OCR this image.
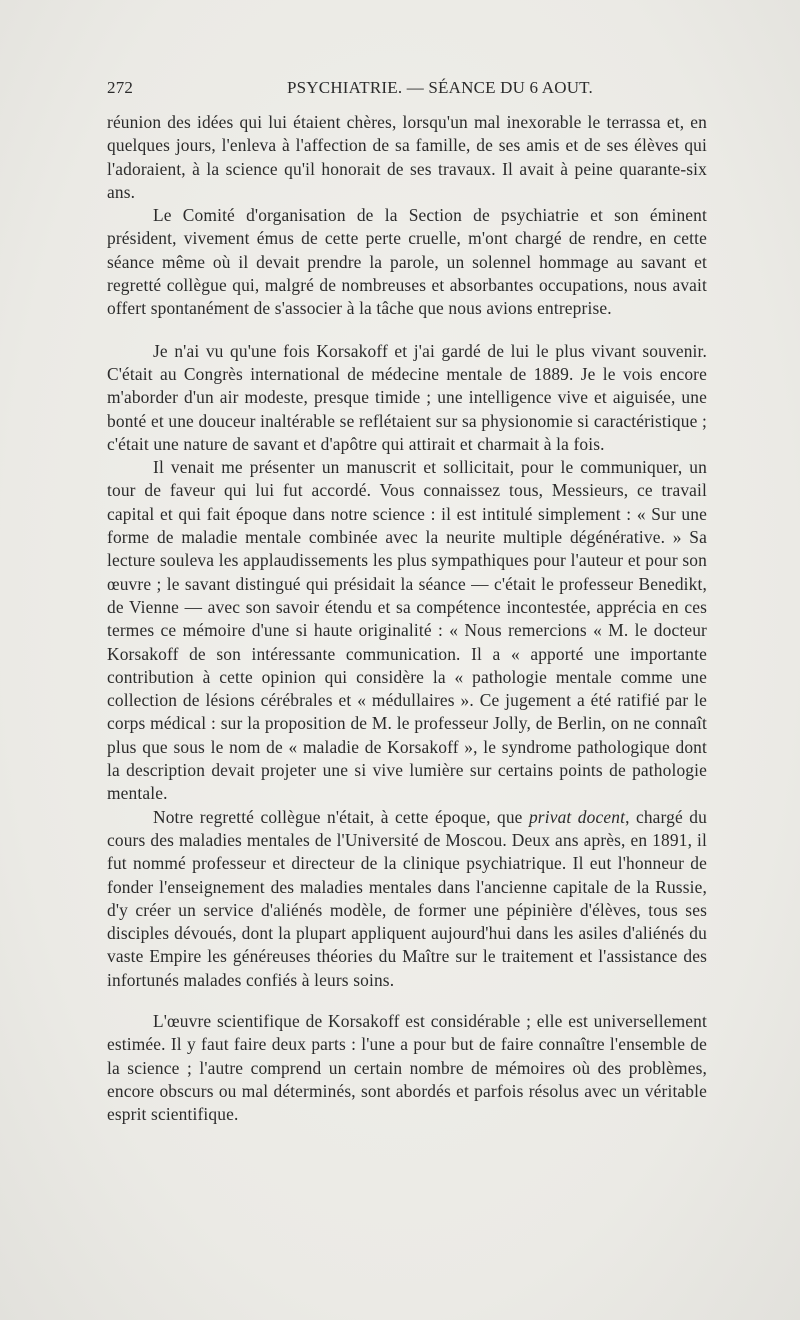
272	PSYCHIATRIE. — SÉANCE DU 6 AOUT.

réunion des idées qui lui étaient chères, lorsqu'un mal inexorable le terrassa et, en quelques jours, l'enleva à l'affection de sa famille, de ses amis et de ses élèves qui l'adoraient, à la science qu'il honorait de ses travaux. Il avait à peine quarante-six ans.

Le Comité d'organisation de la Section de psychiatrie et son éminent président, vivement émus de cette perte cruelle, m'ont chargé de rendre, en cette séance même où il devait prendre la parole, un solennel hommage au savant et regretté collègue qui, malgré de nombreuses et absorbantes occupations, nous avait offert spontanément de s'associer à la tâche que nous avions entreprise.

Je n'ai vu qu'une fois Korsakoff et j'ai gardé de lui le plus vivant souvenir. C'était au Congrès international de médecine mentale de 1889. Je le vois encore m'aborder d'un air modeste, presque timide ; une intelligence vive et aiguisée, une bonté et une douceur inaltérable se reflétaient sur sa physionomie si caractéristique ; c'était une nature de savant et d'apôtre qui attirait et charmait à la fois.

Il venait me présenter un manuscrit et sollicitait, pour le communiquer, un tour de faveur qui lui fut accordé. Vous connaissez tous, Messieurs, ce travail capital et qui fait époque dans notre science : il est intitulé simplement : « Sur une forme de maladie mentale combinée avec la neurite multiple dégénérative. » Sa lecture souleva les applaudissements les plus sympathiques pour l'auteur et pour son œuvre ; le savant distingué qui présidait la séance — c'était le professeur Benedikt, de Vienne — avec son savoir étendu et sa compétence incontestée, apprécia en ces termes ce mémoire d'une si haute originalité : « Nous remercions « M. le docteur Korsakoff de son intéressante communication. Il a « apporté une importante contribution à cette opinion qui considère la « pathologie mentale comme une collection de lésions cérébrales et « médullaires ». Ce jugement a été ratifié par le corps médical : sur la proposition de M. le professeur Jolly, de Berlin, on ne connaît plus que sous le nom de « maladie de Korsakoff », le syndrome pathologique dont la description devait projeter une si vive lumière sur certains points de pathologie mentale.

Notre regretté collègue n'était, à cette époque, que privat docent, chargé du cours des maladies mentales de l'Université de Moscou. Deux ans après, en 1891, il fut nommé professeur et directeur de la clinique psychiatrique. Il eut l'honneur de fonder l'enseignement des maladies mentales dans l'ancienne capitale de la Russie, d'y créer un service d'aliénés modèle, de former une pépinière d'élèves, tous ses disciples dévoués, dont la plupart appliquent aujourd'hui dans les asiles d'aliénés du vaste Empire les généreuses théories du Maître sur le traitement et l'assistance des infortunés malades confiés à leurs soins.

L'œuvre scientifique de Korsakoff est considérable ; elle est universellement estimée. Il y faut faire deux parts : l'une a pour but de faire connaître l'ensemble de la science ; l'autre comprend un certain nombre de mémoires où des problèmes, encore obscurs ou mal déterminés, sont abordés et parfois résolus avec un véritable esprit scientifique.
